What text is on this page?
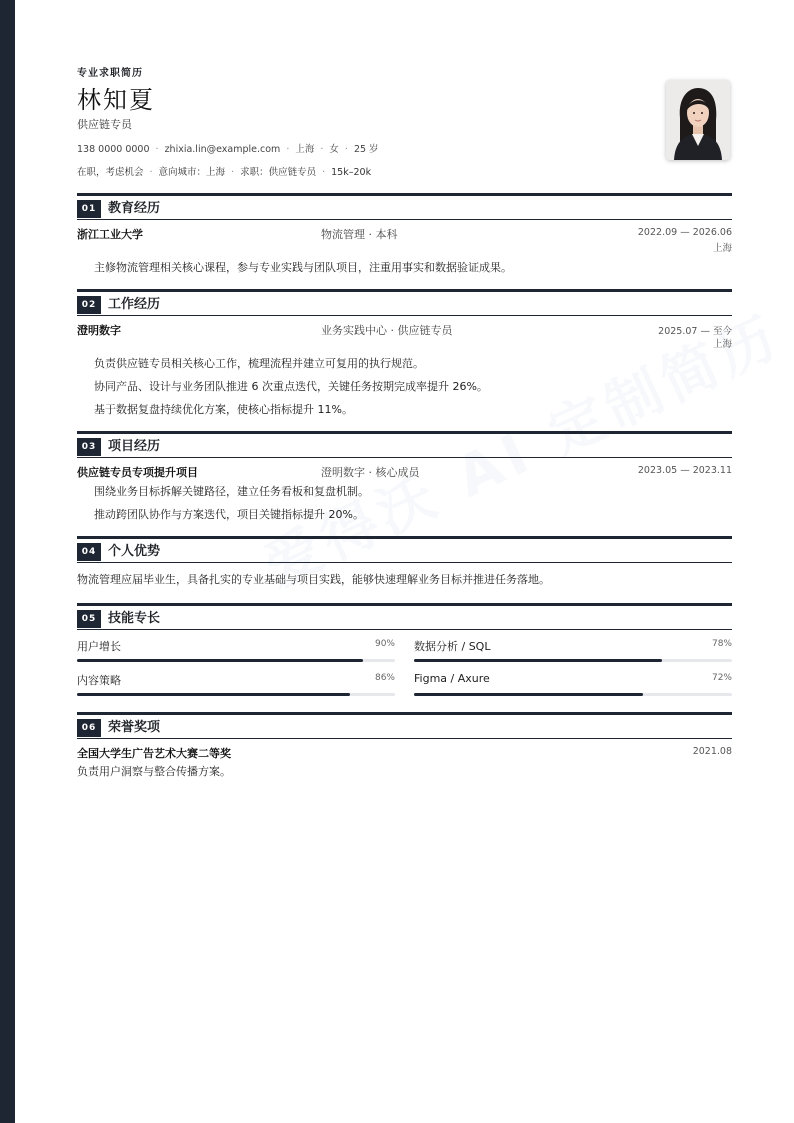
专业求职简历
林知夏
供应链专员
138 0000 0000 · zhixia.lin@example.com · 上海 · 女 · 25 岁
在职，考虑机会 · 意向城市：上海 · 求职：供应链专员 · 15k–20k
01 教育经历
浙江工业大学	物流管理 · 本科	2022.09 — 2026.06
上海
主修物流管理相关核心课程，参与专业实践与团队项目，注重用事实和数据验证成果。
02 工作经历
澄明数字	业务实践中心 · 供应链专员	2025.07 — 至今
上海
负责供应链专员相关核心工作，梳理流程并建立可复用的执行规范。
协同产品、设计与业务团队推进 6 次重点迭代，关键任务按期完成率提升 26%。
基于数据复盘持续优化方案，使核心指标提升 11%。
03 项目经历
供应链专员专项提升项目	澄明数字 · 核心成员	2023.05 — 2023.11
围绕业务目标拆解关键路径，建立任务看板和复盘机制。
推动跨团队协作与方案迭代，项目关键指标提升 20%。
04 个人优势
物流管理应届毕业生，具备扎实的专业基础与项目实践，能够快速理解业务目标并推进任务落地。
05 技能专长
用户增长	90% 数据分析 / SQL	78%
内容策略	86% Figma / Axure	72%
06 荣誉奖项
全国大学生广告艺术大赛二等奖	2021.08
负责用户洞察与整合传播方案。
